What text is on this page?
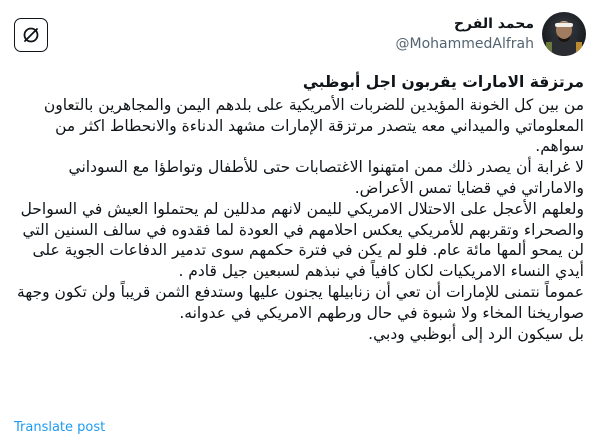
محمد الفرح
@MohammedAlfrah

مرتزقة الامارات يقربون اجل أبوظبي

من بين كل الخونة المؤيدين للضربات الأمريكية على بلدهم اليمن والمجاهرين بالتعاون المعلوماتي والميداني معه يتصدر مرتزقة الإمارات مشهد الدناءة والانحطاط اكثر من سواهم.

لا غرابة أن يصدر ذلك ممن امتهنوا الاغتصابات حتى للأطفال وتواطؤا مع السوداني والاماراتي في قضايا تمس الأعراض.

ولعلهم الأعجل على الاحتلال الامريكي لليمن لانهم مدللين لم يحتملوا العيش في السواحل والصحراء وتقربهم للأمريكي يعكس احلامهم في العودة لما فقدوه في سالف السنين التي لن يمحو ألمها مائة عام. فلو لم يكن في فترة حكمهم سوى تدمير الدفاعات الجوية على أيدي النساء الامريكيات لكان كافياً في نبذهم لسبعين جيل قادم .

عموماً نتمنى للإمارات أن تعي أن زنابيلها يجنون عليها وستدفع الثمن قريباً ولن تكون وجهة صواريخنا المخاء ولا شبوة في حال ورطهم الامريكي في عدوانه.

بل سيكون الرد إلى أبوظبي ودبي.

Translate post
